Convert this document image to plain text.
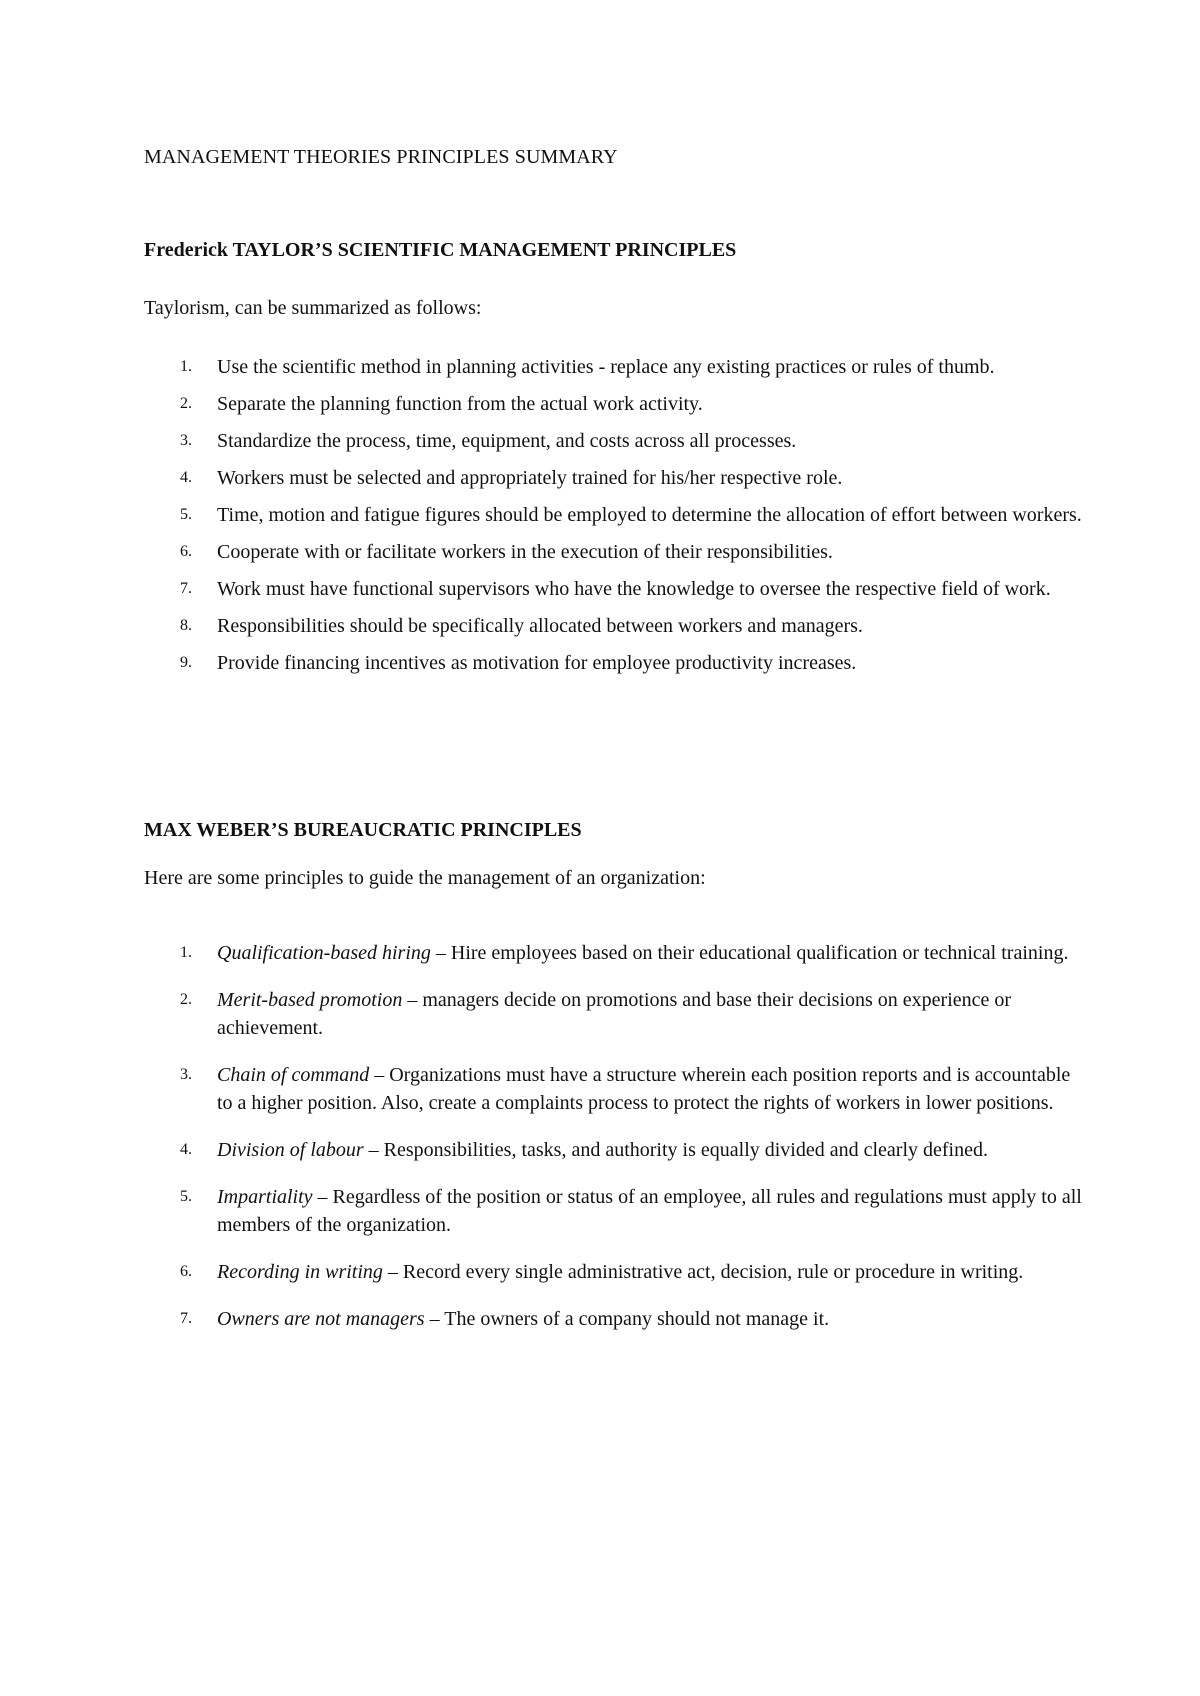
MANAGEMENT THEORIES PRINCIPLES SUMMARY
Frederick TAYLOR’S SCIENTIFIC MANAGEMENT PRINCIPLES

Taylorism, can be summarized as follows:

1.	Use the scientific method in planning activities - replace any existing practices or rules of thumb.
2.	Separate the planning function from the actual work activity.
3.	Standardize the process, time, equipment, and costs across all processes.
4.	Workers must be selected and appropriately trained for his/her respective role.
5.	Time, motion and fatigue figures should be employed to determine the allocation of effort between workers.
6.	Cooperate with or facilitate workers in the execution of their responsibilities.
7.	Work must have functional supervisors who have the knowledge to oversee the respective field of work.
8.	Responsibilities should be specifically allocated between workers and managers.
9.	Provide financing incentives as motivation for employee productivity increases.
MAX WEBER’S BUREAUCRATIC PRINCIPLES

Here are some principles to guide the management of an organization:

1.	Qualification-based hiring – Hire employees based on their educational qualification or technical training.
2.	Merit-based promotion – managers decide on promotions and base their decisions on experience or achievement.
3.	Chain of command – Organizations must have a structure wherein each position reports and is accountable to a higher position. Also, create a complaints process to protect the rights of workers in lower positions.
4.	Division of labour – Responsibilities, tasks, and authority is equally divided and clearly defined.
5.	Impartiality – Regardless of the position or status of an employee, all rules and regulations must apply to all members of the organization.
6.	Recording in writing – Record every single administrative act, decision, rule or procedure in writing.
7.	Owners are not managers – The owners of a company should not manage it.
